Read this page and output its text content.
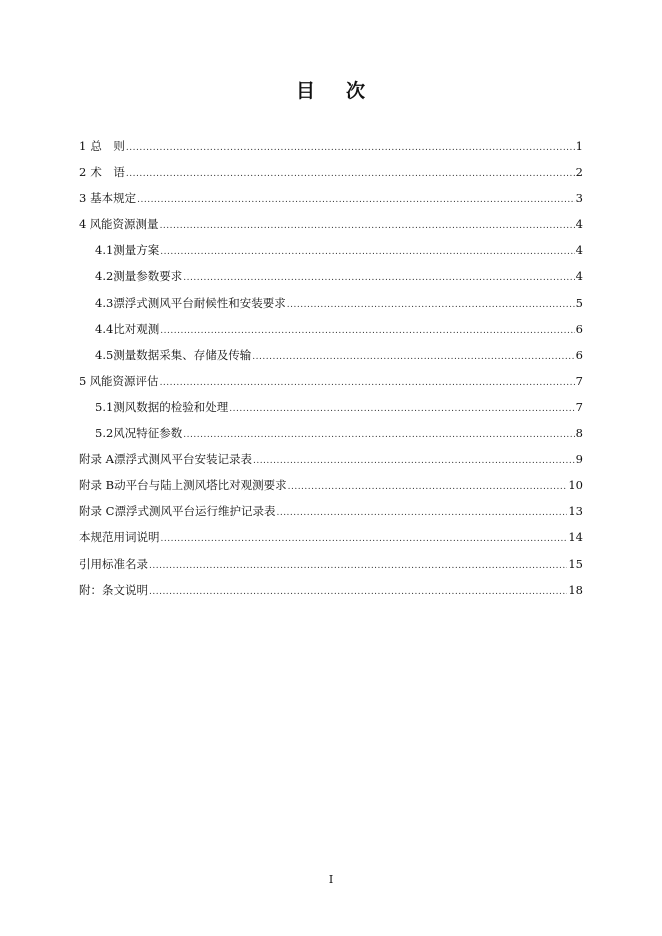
目 次
1 总　则 .....	1
2 术　语 .....	2
3 基本规定 .....	3
4 风能资源测量 .....	4
4.1 测量方案 .....	4
4.2 测量参数要求 .....	4
4.3 漂浮式测风平台耐候性和安装要求 .....	5
4.4 比对观测 .....	6
4.5 测量数据采集、存储及传输 .....	6
5 风能资源评估 .....	7
5.1 测风数据的检验和处理 .....	7
5.2 风况特征参数 .....	8
附录 A 漂浮式测风平台安装记录表 .....	9
附录 B 动平台与陆上测风塔比对观测要求 .....	10
附录 C 漂浮式测风平台运行维护记录表 .....	13
本规范用词说明 .....	14
引用标准名录 .....	15
附：条文说明 .....	18
I
